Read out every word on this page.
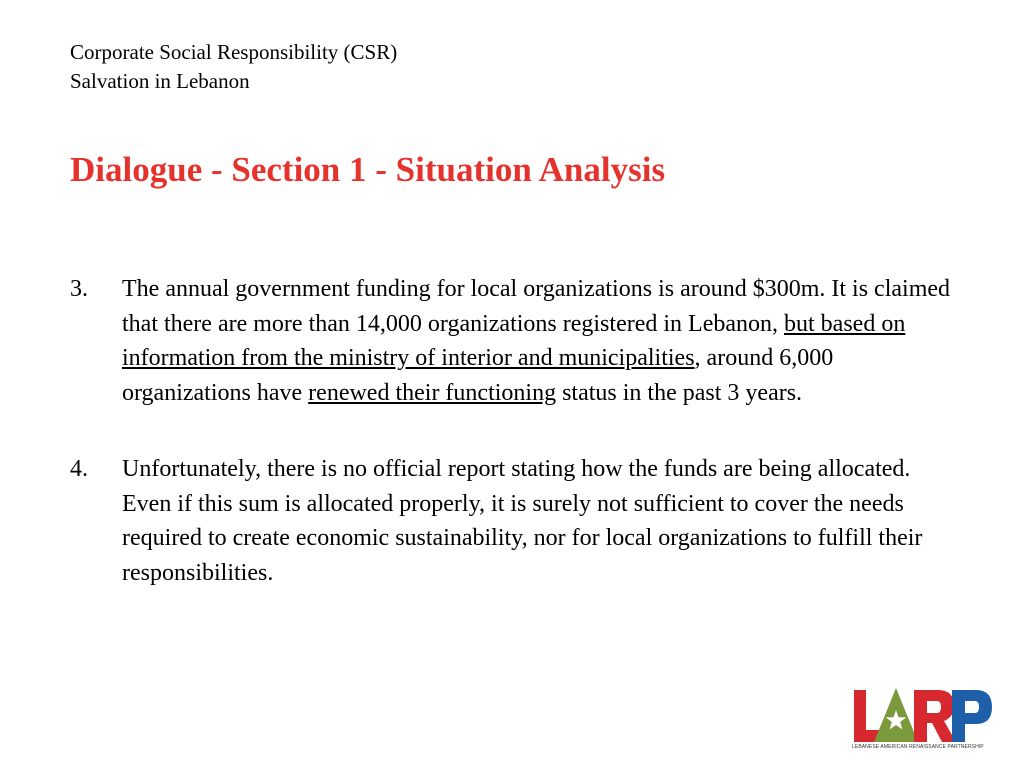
Corporate Social Responsibility (CSR)
Salvation in Lebanon
Dialogue - Section 1 - Situation Analysis
3. The annual government funding for local organizations is around $300m. It is claimed that there are more than 14,000 organizations registered in Lebanon, but based on information from the ministry of interior and municipalities, around 6,000 organizations have renewed their functioning status in the past 3 years.
4. Unfortunately, there is no official report stating how the funds are being allocated. Even if this sum is allocated properly, it is surely not sufficient to cover the needs required to create economic sustainability, nor for local organizations to fulfill their responsibilities.
LEBANESE AMERICAN RENAISSANCE PARTNERSHIP
